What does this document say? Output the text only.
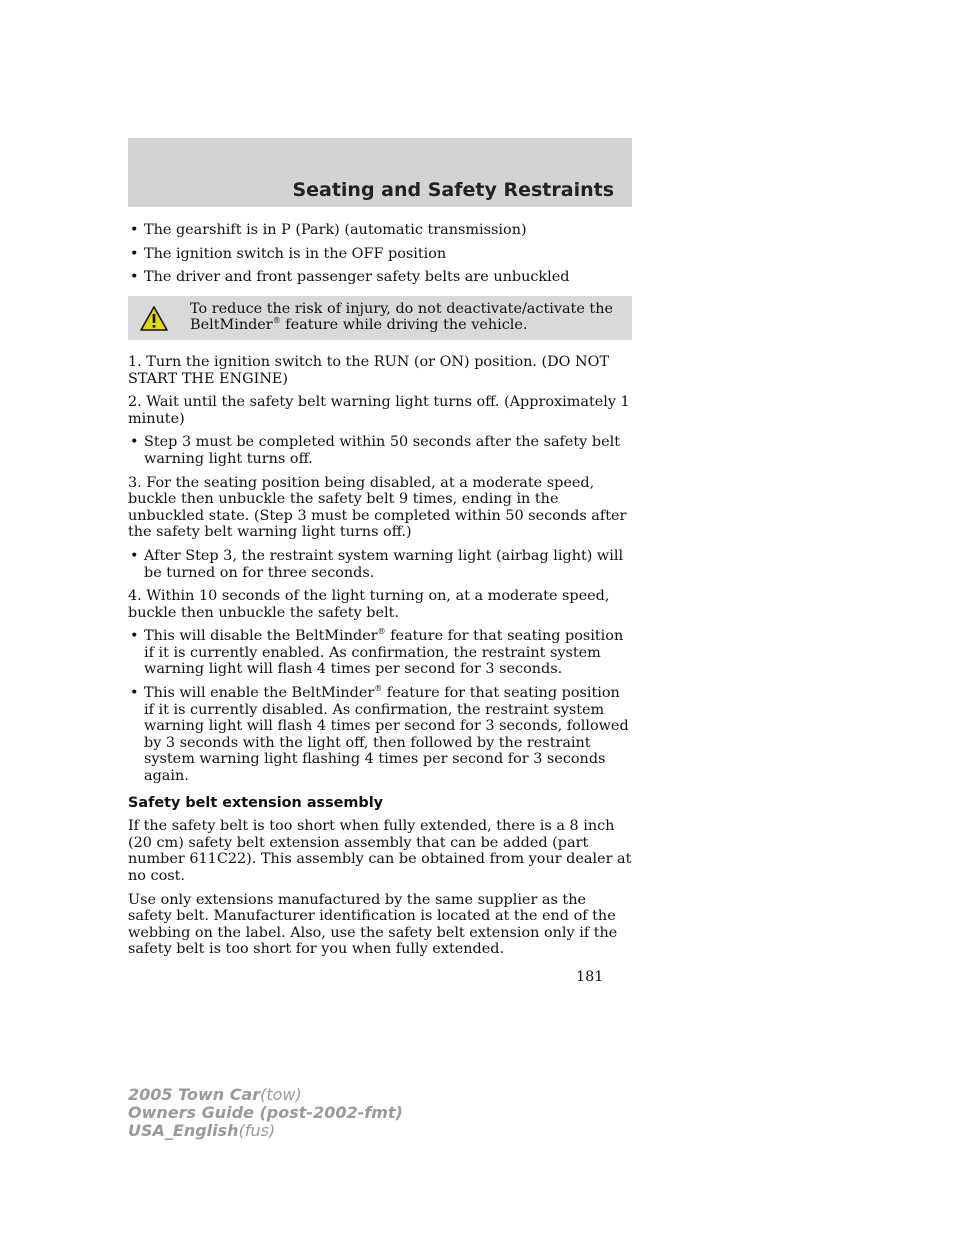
Seating and Safety Restraints
• The gearshift is in P (Park) (automatic transmission)
• The ignition switch is in the OFF position
• The driver and front passenger safety belts are unbuckled
To reduce the risk of injury, do not deactivate/activate the
BeltMinder® feature while driving the vehicle.
1. Turn the ignition switch to the RUN (or ON) position. (DO NOT START THE ENGINE)
2. Wait until the safety belt warning light turns off. (Approximately 1 minute)
• Step 3 must be completed within 50 seconds after the safety belt warning light turns off.
3. For the seating position being disabled, at a moderate speed, buckle then unbuckle the safety belt 9 times, ending in the unbuckled state. (Step 3 must be completed within 50 seconds after the safety belt warning light turns off.)
• After Step 3, the restraint system warning light (airbag light) will be turned on for three seconds.
4. Within 10 seconds of the light turning on, at a moderate speed, buckle then unbuckle the safety belt.
• This will disable the BeltMinder® feature for that seating position if it is currently enabled. As confirmation, the restraint system warning light will flash 4 times per second for 3 seconds.
• This will enable the BeltMinder® feature for that seating position if it is currently disabled. As confirmation, the restraint system warning light will flash 4 times per second for 3 seconds, followed by 3 seconds with the light off, then followed by the restraint system warning light flashing 4 times per second for 3 seconds again.
Safety belt extension assembly
If the safety belt is too short when fully extended, there is a 8 inch (20 cm) safety belt extension assembly that can be added (part number 611C22). This assembly can be obtained from your dealer at no cost.
Use only extensions manufactured by the same supplier as the safety belt. Manufacturer identification is located at the end of the webbing on the label. Also, use the safety belt extension only if the safety belt is too short for you when fully extended.
181
2005 Town Car(tow)
Owners Guide (post-2002-fmt)
USA_English(fus)
